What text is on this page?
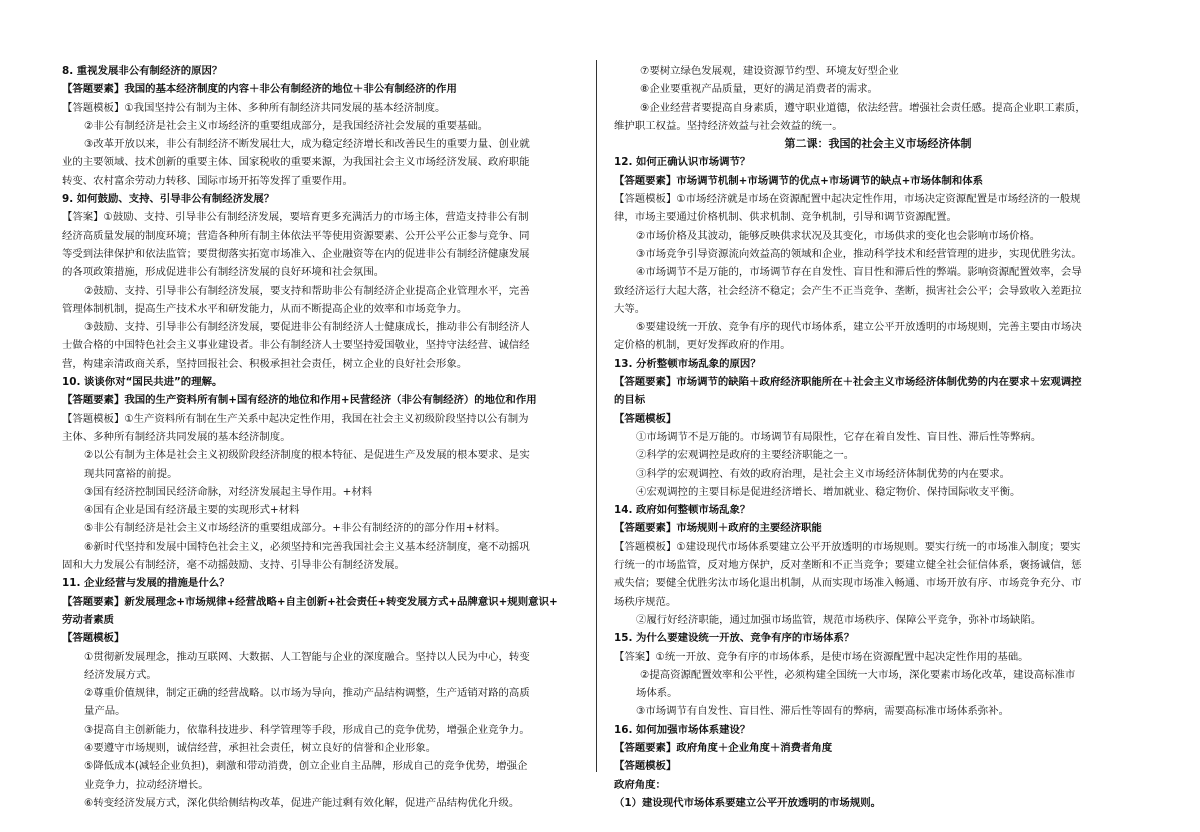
8. 重视发展非公有制经济的原因？
【答题要素】我国的基本经济制度的内容＋非公有制经济的地位＋非公有制经济的作用
【答题模板】①我国坚持公有制为主体、多种所有制经济共同发展的基本经济制度。
②非公有制经济是社会主义市场经济的重要组成部分，是我国经济社会发展的重要基础。
③改革开放以来，非公有制经济不断发展壮大，成为稳定经济增长和改善民生的重要力量、创业就
业的主要领域、技术创新的重要主体、国家税收的重要来源，为我国社会主义市场经济发展、政府职能
转变、农村富余劳动力转移、国际市场开拓等发挥了重要作用。
9. 如何鼓励、支持、引导非公有制经济发展？
【答案】①鼓励、支持、引导非公有制经济发展，要培育更多充满活力的市场主体，营造支持非公有制
经济高质量发展的制度环境；营造各种所有制主体依法平等使用资源要素、公开公平公正参与竞争、同
等受到法律保护和依法监管；要贯彻落实拓宽市场准入、企业融资等在内的促进非公有制经济健康发展
的各项政策措施，形成促进非公有制经济发展的良好环境和社会氛围。
②鼓励、支持、引导非公有制经济发展，要支持和帮助非公有制经济企业提高企业管理水平，完善
管理体制机制，提高生产技术水平和研发能力，从而不断提高企业的效率和市场竞争力。
③鼓励、支持、引导非公有制经济发展，要促进非公有制经济人士健康成长，推动非公有制经济人
士做合格的中国特色社会主义事业建设者。非公有制经济人士要坚持爱国敬业，坚持守法经营、诚信经
营，构建亲清政商关系，坚持回报社会、积极承担社会责任，树立企业的良好社会形象。
10. 谈谈你对“国民共进”的理解。
【答题要素】我国的生产资料所有制+国有经济的地位和作用+民营经济（非公有制经济）的地位和作用
【答题模板】①生产资料所有制在生产关系中起决定性作用，我国在社会主义初级阶段坚持以公有制为
主体、多种所有制经济共同发展的基本经济制度。
②以公有制为主体是社会主义初级阶段经济制度的根本特征、是促进生产及发展的根本要求、是实
现共同富裕的前提。
③国有经济控制国民经济命脉，对经济发展起主导作用。+材料
④国有企业是国有经济最主要的实现形式+材料
⑤非公有制经济是社会主义市场经济的重要组成部分。+非公有制经济的的部分作用+材料。
⑥新时代坚持和发展中国特色社会主义，必须坚持和完善我国社会主义基本经济制度，毫不动摇巩
固和大力发展公有制经济，毫不动摇鼓励、支持、引导非公有制经济发展。
11. 企业经营与发展的措施是什么？
【答题要素】新发展理念+市场规律+经营战略+自主创新+社会责任+转变发展方式+品牌意识+规则意识+
劳动者素质
【答题模板】
①贯彻新发展理念，推动互联网、大数据、人工智能与企业的深度融合。坚持以人民为中心，转变
经济发展方式。
②尊重价值规律，制定正确的经营战略。以市场为导向，推动产品结构调整，生产适销对路的高质
量产品。
③提高自主创新能力，依靠科技进步、科学管理等手段，形成自己的竞争优势，增强企业竞争力。
④要遵守市场规则，诚信经营，承担社会责任，树立良好的信誉和企业形象。
⑤降低成本(减轻企业负担)，刺激和带动消费，创立企业自主品牌，形成自己的竞争优势，增强企
业竞争力，拉动经济增长。
⑥转变经济发展方式，深化供给侧结构改革，促进产能过剩有效化解，促进产品结构优化升级。
⑦要树立绿色发展观，建设资源节约型、环境友好型企业
⑧企业要重视产品质量，更好的满足消费者的需求。
⑨企业经营者要提高自身素质，遵守职业道德，依法经营。增强社会责任感。提高企业职工素质，
维护职工权益。坚持经济效益与社会效益的统一。
第二课：我国的社会主义市场经济体制
12. 如何正确认识市场调节？
【答题要素】市场调节机制+市场调节的优点+市场调节的缺点+市场体制和体系
【答题模板】①市场经济就是市场在资源配置中起决定性作用，市场决定资源配置是市场经济的一般规
律，市场主要通过价格机制、供求机制、竞争机制，引导和调节资源配置。
②市场价格及其波动，能够反映供求状况及其变化，市场供求的变化也会影响市场价格。
③市场竞争引导资源流向效益高的领域和企业，推动科学技术和经营管理的进步，实现优胜劣汰。
④市场调节不是万能的，市场调节存在自发性、盲目性和滞后性的弊端。影响资源配置效率，会导
致经济运行大起大落，社会经济不稳定；会产生不正当竞争、垄断，损害社会公平；会导致收入差距拉
大等。
⑤要建设统一开放、竞争有序的现代市场体系，建立公平开放透明的市场规则，完善主要由市场决
定价格的机制，更好发挥政府的作用。
13. 分析整顿市场乱象的原因？
【答题要素】市场调节的缺陷＋政府经济职能所在＋社会主义市场经济体制优势的内在要求＋宏观调控
的目标
【答题模板】
①市场调节不是万能的。市场调节有局限性，它存在着自发性、盲目性、滞后性等弊病。
②科学的宏观调控是政府的主要经济职能之一。
③科学的宏观调控、有效的政府治理，是社会主义市场经济体制优势的内在要求。
④宏观调控的主要目标是促进经济增长、增加就业、稳定物价、保持国际收支平衡。
14. 政府如何整顿市场乱象？
【答题要素】市场规则＋政府的主要经济职能
【答题模板】①建设现代市场体系要建立公平开放透明的市场规则。要实行统一的市场准入制度；要实
行统一的市场监管，反对地方保护，反对垄断和不正当竞争；要建立健全社会征信体系，褒扬诚信，惩
戒失信；要健全优胜劣汰市场化退出机制，从而实现市场准入畅通、市场开放有序、市场竞争充分、市
场秩序规范。
②履行好经济职能，通过加强市场监管，规范市场秩序、保障公平竞争，弥补市场缺陷。
15. 为什么要建设统一开放、竞争有序的市场体系？
【答案】①统一开放、竞争有序的市场体系，是使市场在资源配置中起决定性作用的基础。
②提高资源配置效率和公平性，必须构建全国统一大市场，深化要素市场化改革，建设高标准市
场体系。
③市场调节有自发性、盲目性、滞后性等固有的弊病，需要高标准市场体系弥补。
16. 如何加强市场体系建设？
【答题要素】政府角度＋企业角度＋消费者角度
【答题模板】
政府角度：
（1）建设现代市场体系要建立公平开放透明的市场规则。
